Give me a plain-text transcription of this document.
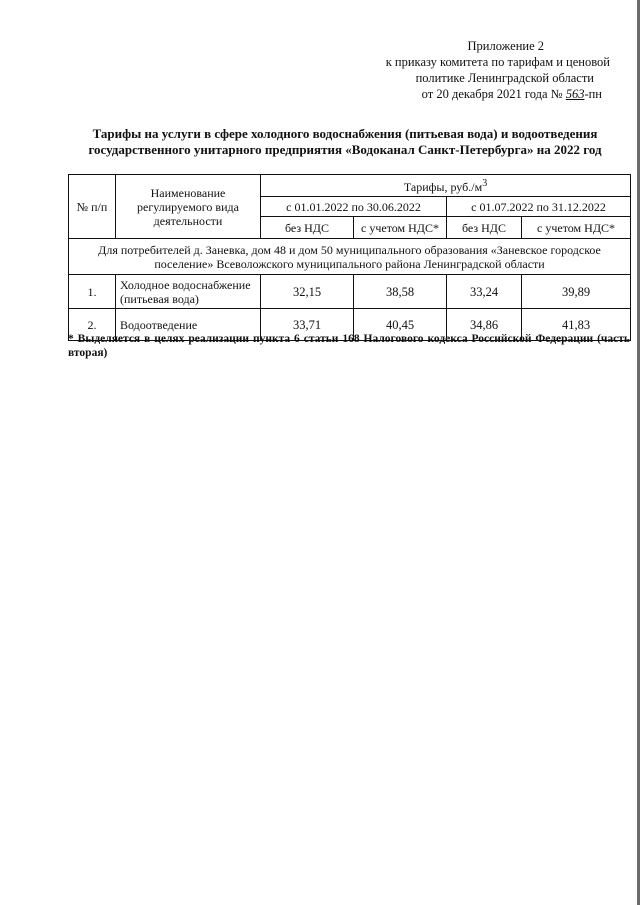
Приложение 2
к приказу комитета по тарифам и ценовой
политике Ленинградской области
от 20 декабря 2021 года № 563-пн
Тарифы на услуги в сфере холодного водоснабжения (питьевая вода) и водоотведения
государственного унитарного предприятия «Водоканал Санкт-Петербурга» на 2022 год
№ п/п	Наименование регулируемого вида деятельности	Тарифы, $руб./м^3$
		с 01.01.2022 по 30.06.2022		с 01.07.2022 по 31.12.2022	
		без НДС	с учетом НДС*	без НДС	с учетом НДС*
Для потребителей д. Заневка, дом 48 и дом 50 муниципального образования «Заневское городское поселение» Всеволожского муниципального района Ленинградской области					
1.	Холодное водоснабжение (питьевая вода)	32,15	38,58	33,24	39,89
2.	Водоотведение	33,71	40,45	34,86	41,83
* Выделяется в целях реализации пункта 6 статьи 168 Налогового кодекса Российской Федерации (часть вторая)
